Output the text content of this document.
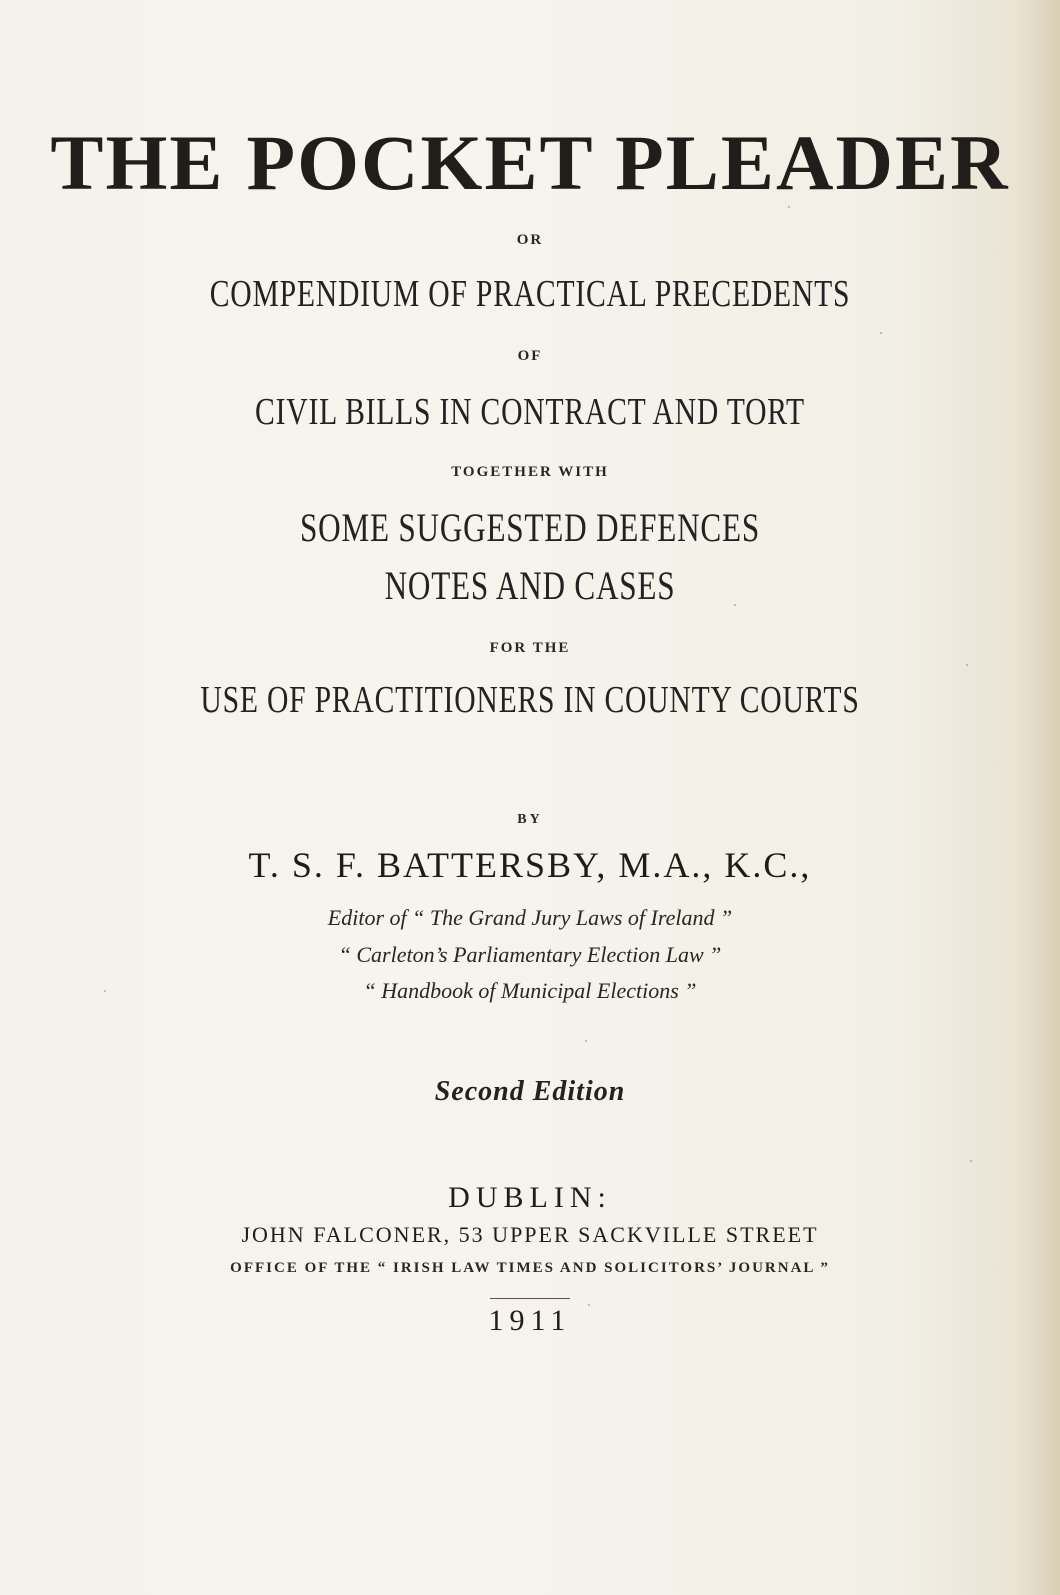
THE POCKET PLEADER
OR
COMPENDIUM OF PRACTICAL PRECEDENTS
OF
CIVIL BILLS IN CONTRACT AND TORT
TOGETHER WITH
SOME SUGGESTED DEFENCES
NOTES AND CASES
FOR THE
USE OF PRACTITIONERS IN COUNTY COURTS
BY
T. S. F. BATTERSBY, M.A., K.C.,
Editor of “ The Grand Jury Laws of Ireland ”
“ Carleton’s Parliamentary Election Law ”
“ Handbook of Municipal Elections ”
Second Edition
DUBLIN:
JOHN FALCONER, 53 UPPER SACKVILLE STREET
OFFICE OF THE “ IRISH LAW TIMES AND SOLICITORS’ JOURNAL ”
1911
